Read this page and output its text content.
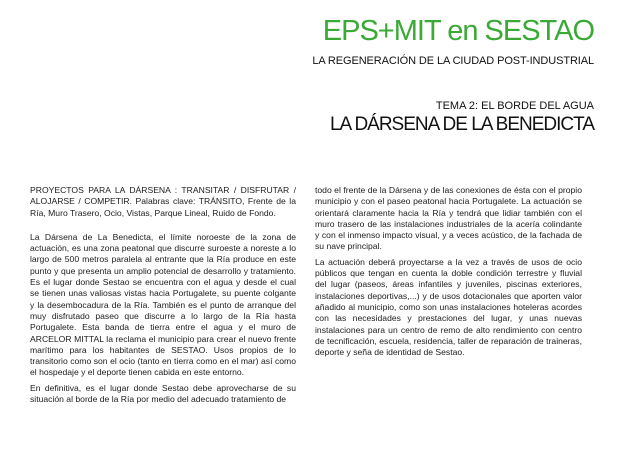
EPS+MIT en SESTAO
LA REGENERACIÓN DE LA CIUDAD POST-INDUSTRIAL
TEMA 2: EL BORDE DEL AGUA
LA DÁRSENA DE LA BENEDICTA

PROYECTOS PARA LA DÁRSENA : TRANSITAR / DISFRUTAR / ALOJARSE / COMPETIR. Palabras clave: TRÁNSITO, Frente de la Ría, Muro Trasero, Ocio, Vistas, Parque Lineal, Ruido de Fondo.

La Dársena de La Benedicta, el límite noroeste de la zona de actuación, es una zona peatonal que discurre suroeste a noreste a lo largo de 500 metros paralela al entrante que la Ría produce en este punto y que presenta un amplio potencial de desarrollo y tratamiento. Es el lugar donde Sestao se encuentra con el agua y desde el cual se tienen unas valiosas vistas hacia Portugalete, su puente colgante y la desembocadura de la Ría. También es el punto de arranque del muy disfrutado paseo que discurre a lo largo de la Ría hasta Portugalete. Esta banda de tierra entre el agua y el muro de ARCELOR MITTAL la reclama el municipio para crear el nuevo frente marítimo para los habitantes de SESTAO. Usos propios de lo transitorio como son el ocio (tanto en tierra como en el mar) así como el hospedaje y el deporte tienen cabida en este entorno.

En definitiva, es el lugar donde Sestao debe aprovecharse de su situación al borde de la Ría por medio del adecuado tratamiento de

todo el frente de la Dársena y de las conexiones de ésta con el propio municipio y con el paseo peatonal hacia Portugalete. La actuación se orientará claramente hacia la Ría y tendrá que lidiar también con el muro trasero de las instalaciones industriales de la acería colindante y con el inmenso impacto visual, y a veces acústico, de la fachada de su nave principal.

La actuación deberá proyectarse a la vez a través de usos de ocio públicos que tengan en cuenta la doble condición terrestre y fluvial del lugar (paseos, áreas infantiles y juveniles, piscinas exteriores, instalaciones deportivas,...) y de usos dotacionales que aporten valor añadido al municipio, como son unas instalaciones hoteleras acordes con las necesidades y prestaciones del lugar, y unas nuevas instalaciones para un centro de remo de alto rendimiento con centro de tecnificación, escuela, residencia, taller de reparación de traineras, deporte y seña de identidad de Sestao.
